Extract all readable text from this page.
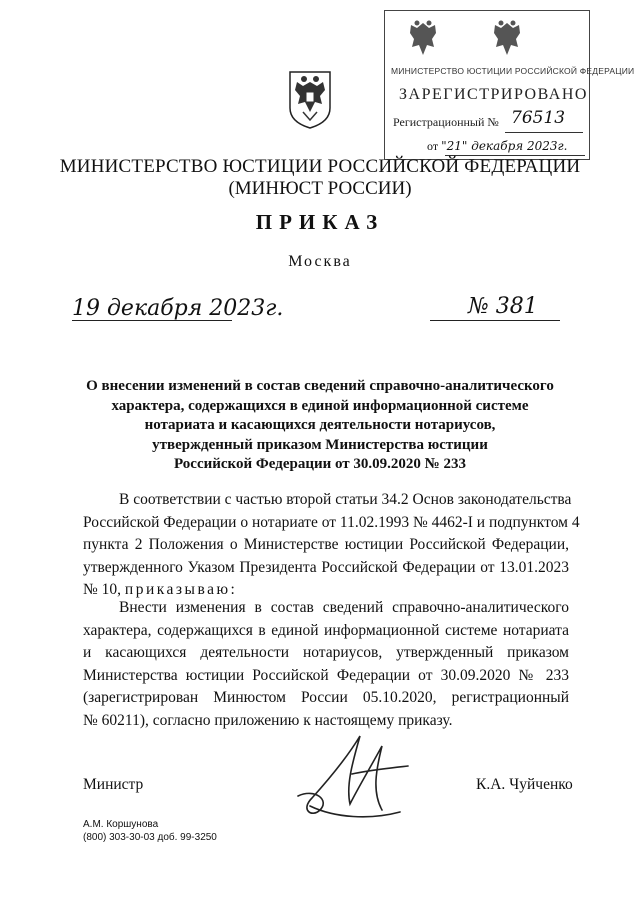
МИНИСТЕРСТВО ЮСТИЦИИ РОССИЙСКОЙ ФЕДЕРАЦИИ
ЗАРЕГИСТРИРОВАНО
Регистрационный № 76513
от "21" декабря 2023г.
МИНИСТЕРСТВО ЮСТИЦИИ РОССИЙСКОЙ ФЕДЕРАЦИИ
(МИНЮСТ РОССИИ)
ПРИКАЗ
Москва
19 декабря 2023г.	№ 381
О внесении изменений в состав сведений справочно-аналитического
характера, содержащихся в единой информационной системе
нотариата и касающихся деятельности нотариусов,
утвержденный приказом Министерства юстиции
Российской Федерации от 30.09.2020 № 233
В соответствии с частью второй статьи 34.2 Основ законодательства
Российской Федерации о нотариате от 11.02.1993 № 4462-I и подпунктом 4
пункта 2 Положения о Министерстве юстиции Российской Федерации,
утвержденного Указом Президента Российской Федерации от 13.01.2023
№ 10, приказываю:
Внести изменения в состав сведений справочно-аналитического
характера, содержащихся в единой информационной системе нотариата
и касающихся деятельности нотариусов, утвержденный приказом
Министерства юстиции Российской Федерации от 30.09.2020 № 233
(зарегистрирован Минюстом России 05.10.2020, регистрационный
№ 60211), согласно приложению к настоящему приказу.
Министр	К.А. Чуйченко
А.М. Коршунова
(800) 303-30-03 доб. 99-3250
